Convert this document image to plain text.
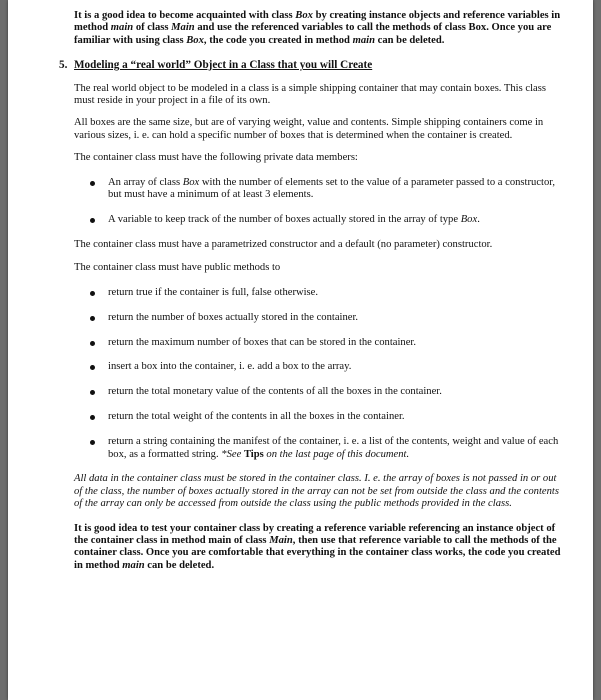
It is a good idea to become acquainted with class Box by creating instance objects and reference variables in method main of class Main and use the referenced variables to call the methods of class Box. Once you are familiar with using class Box, the code you created in method main can be deleted.

5. Modeling a “real world” Object in a Class that you will Create

The real world object to be modeled in a class is a simple shipping container that may contain boxes. This class must reside in your project in a file of its own.

All boxes are the same size, but are of varying weight, value and contents. Simple shipping containers come in various sizes, i. e. can hold a specific number of boxes that is determined when the container is created.

The container class must have the following private data members:

An array of class Box with the number of elements set to the value of a parameter passed to a constructor, but must have a minimum of at least 3 elements.
A variable to keep track of the number of boxes actually stored in the array of type Box.

The container class must have a parametrized constructor and a default (no parameter) constructor.

The container class must have public methods to

return true if the container is full, false otherwise.
return the number of boxes actually stored in the container.
return the maximum number of boxes that can be stored in the container.
insert a box into the container, i. e. add a box to the array.
return the total monetary value of the contents of all the boxes in the container.
return the total weight of the contents in all the boxes in the container.
return a string containing the manifest of the container, i. e. a list of the contents, weight and value of each box, as a formatted string. *See Tips on the last page of this document.

All data in the container class must be stored in the container class. I. e. the array of boxes is not passed in or out of the class, the number of boxes actually stored in the array can not be set from outside the class and the contents of the array can only be accessed from outside the class using the public methods provided in the class.

It is good idea to test your container class by creating a reference variable referencing an instance object of the container class in method main of class Main, then use that reference variable to call the methods of the container class. Once you are comfortable that everything in the container class works, the code you created in method main can be deleted.
